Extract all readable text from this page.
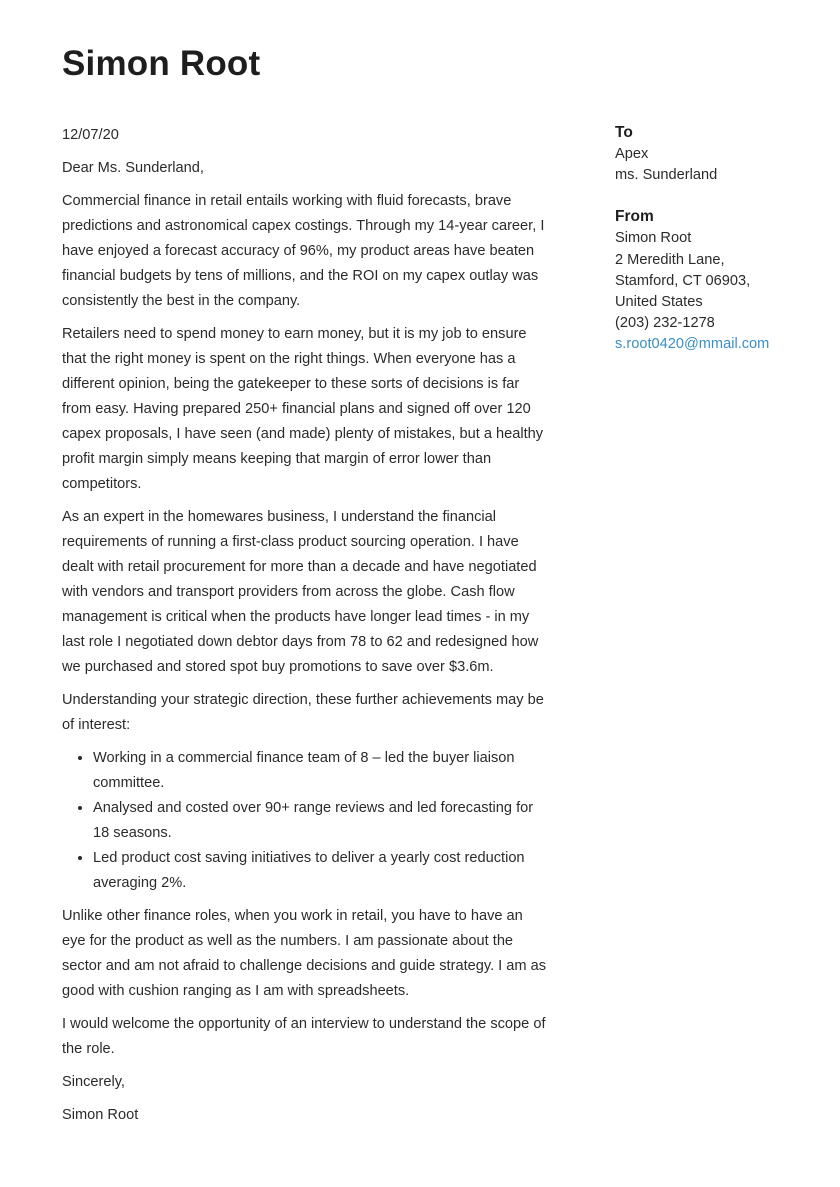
Simon Root

12/07/20

Dear Ms. Sunderland,

Commercial finance in retail entails working with fluid forecasts, brave predictions and astronomical capex costings. Through my 14-year career, I have enjoyed a forecast accuracy of 96%, my product areas have beaten financial budgets by tens of millions, and the ROI on my capex outlay was consistently the best in the company.

Retailers need to spend money to earn money, but it is my job to ensure that the right money is spent on the right things. When everyone has a different opinion, being the gatekeeper to these sorts of decisions is far from easy. Having prepared 250+ financial plans and signed off over 120 capex proposals, I have seen (and made) plenty of mistakes, but a healthy profit margin simply means keeping that margin of error lower than competitors.

As an expert in the homewares business, I understand the financial requirements of running a first-class product sourcing operation. I have dealt with retail procurement for more than a decade and have negotiated with vendors and transport providers from across the globe. Cash flow management is critical when the products have longer lead times - in my last role I negotiated down debtor days from 78 to 62 and redesigned how we purchased and stored spot buy promotions to save over $3.6m.

Understanding your strategic direction, these further achievements may be of interest:

• Working in a commercial finance team of 8 – led the buyer liaison committee.
• Analysed and costed over 90+ range reviews and led forecasting for 18 seasons.
• Led product cost saving initiatives to deliver a yearly cost reduction averaging 2%.

Unlike other finance roles, when you work in retail, you have to have an eye for the product as well as the numbers. I am passionate about the sector and am not afraid to challenge decisions and guide strategy. I am as good with cushion ranging as I am with spreadsheets.

I would welcome the opportunity of an interview to understand the scope of the role.

Sincerely,

Simon Root

To
Apex
ms. Sunderland
From
Simon Root
2 Meredith Lane,
Stamford, CT 06903,
United States
(203) 232-1278
s.root0420@mmail.com
